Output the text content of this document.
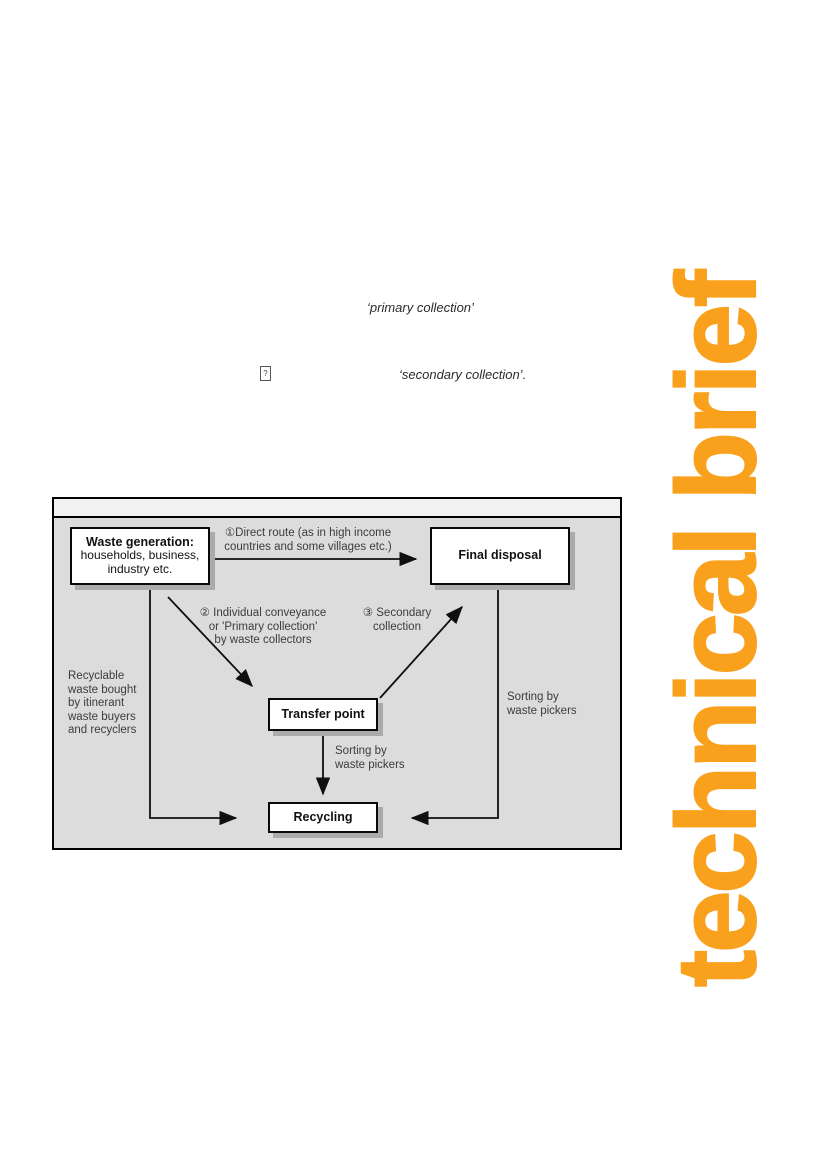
‘primary collection’
?	‘secondary collection’.
Waste generation:
households, business,
industry etc.
Final disposal
Transfer point
Recycling
①Direct route (as in high income
countries and some villages etc.)
② Individual conveyance
or 'Primary collection'
by waste collectors
③ Secondary
collection
Sorting by
waste pickers
Sorting by
waste pickers
Recyclable
waste bought
by itinerant
waste buyers
and recyclers	technical brief
